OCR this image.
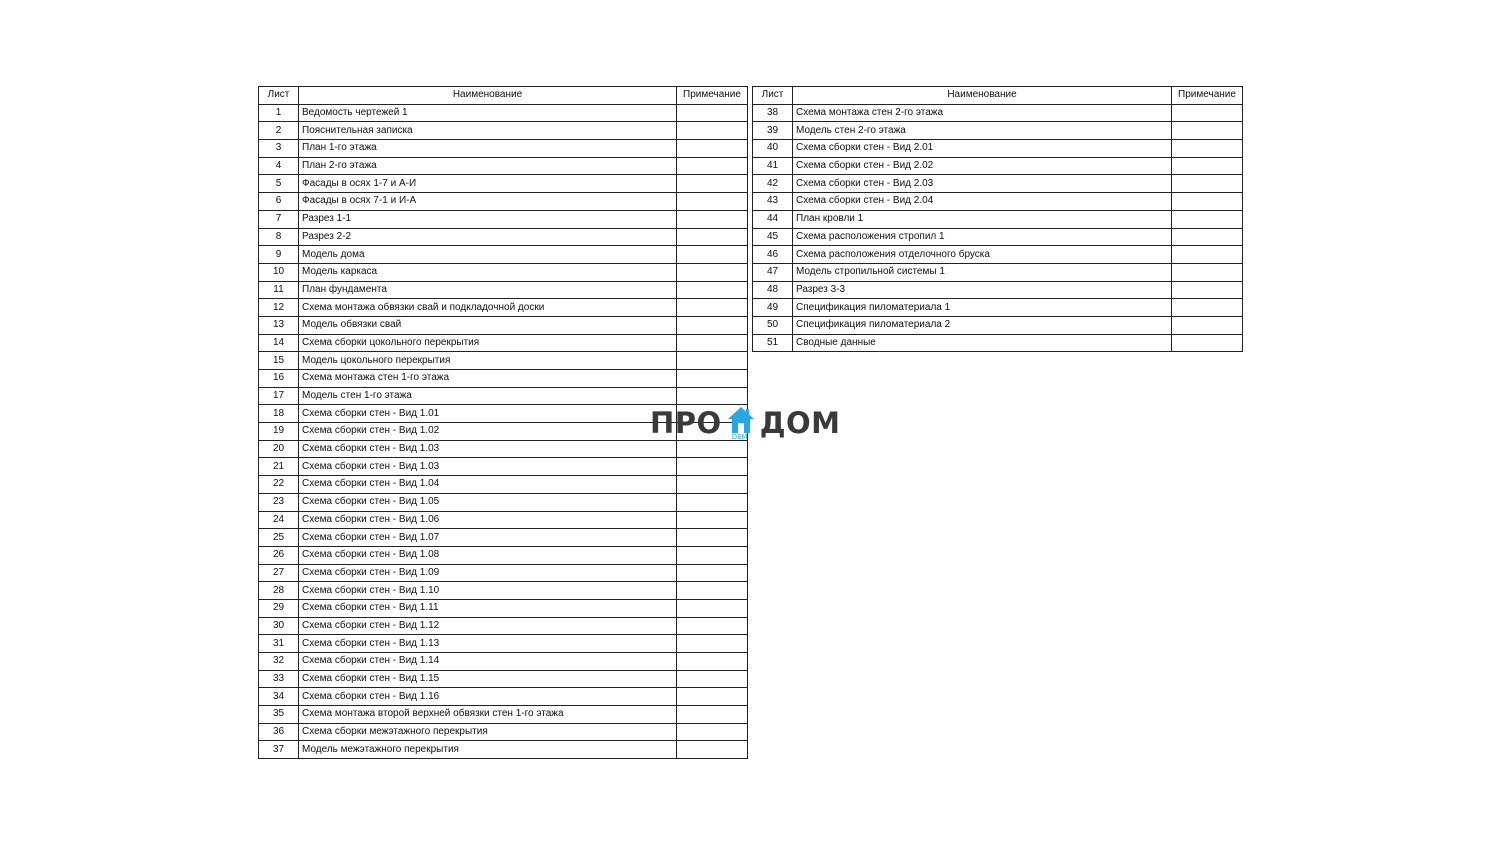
Лист	Наименование	Примечание
1	Ведомость чертежей 1	
2	Пояснительная записка	
3	План 1-го этажа	
4	План 2-го этажа	
5	Фасады в осях 1-7 и А-И	
6	Фасады в осях 7-1 и И-А	
7	Разрез 1-1	
8	Разрез 2-2	
9	Модель дома	
10	Модель каркаса	
11	План фундамента	
12	Схема монтажа обвязки свай и подкладочной доски	
13	Модель обвязки свай	
14	Схема сборки цокольного перекрытия	
15	Модель цокольного перекрытия	
16	Схема монтажа стен 1-го этажа	
17	Модель стен 1-го этажа	
18	Схема сборки стен - Вид 1.01	
19	Схема сборки стен - Вид 1.02	
20	Схема сборки стен - Вид 1.03	
21	Схема сборки стен - Вид 1.03	
22	Схема сборки стен - Вид 1.04	
23	Схема сборки стен - Вид 1.05	
24	Схема сборки стен - Вид 1.06	
25	Схема сборки стен - Вид 1.07	
26	Схема сборки стен - Вид 1.08	
27	Схема сборки стен - Вид 1.09	
28	Схема сборки стен - Вид 1.10	
29	Схема сборки стен - Вид 1.11	
30	Схема сборки стен - Вид 1.12	
31	Схема сборки стен - Вид 1.13	
32	Схема сборки стен - Вид 1.14	
33	Схема сборки стен - Вид 1.15	
34	Схема сборки стен - Вид 1.16	
35	Схема монтажа второй верхней обвязки стен 1-го этажа	
36	Схема сборки межэтажного перекрытия	
37	Модель межэтажного перекрытия	
Лист	Наименование	Примечание
38	Схема монтажа стен 2-го этажа	
39	Модель стен 2-го этажа	
40	Схема сборки стен - Вид 2.01	
41	Схема сборки стен - Вид 2.02	
42	Схема сборки стен - Вид 2.03	
43	Схема сборки стен - Вид 2.04	
44	План кровли 1	
45	Схема расположения стропил 1	
46	Схема расположения отделочного бруска	
47	Модель стропильной системы 1	
48	Разрез 3-3	
49	Спецификация пиломатериала 1	
50	Спецификация пиломатериала 2	
51	Сводные данные	
ПРО DEM ДОМ
